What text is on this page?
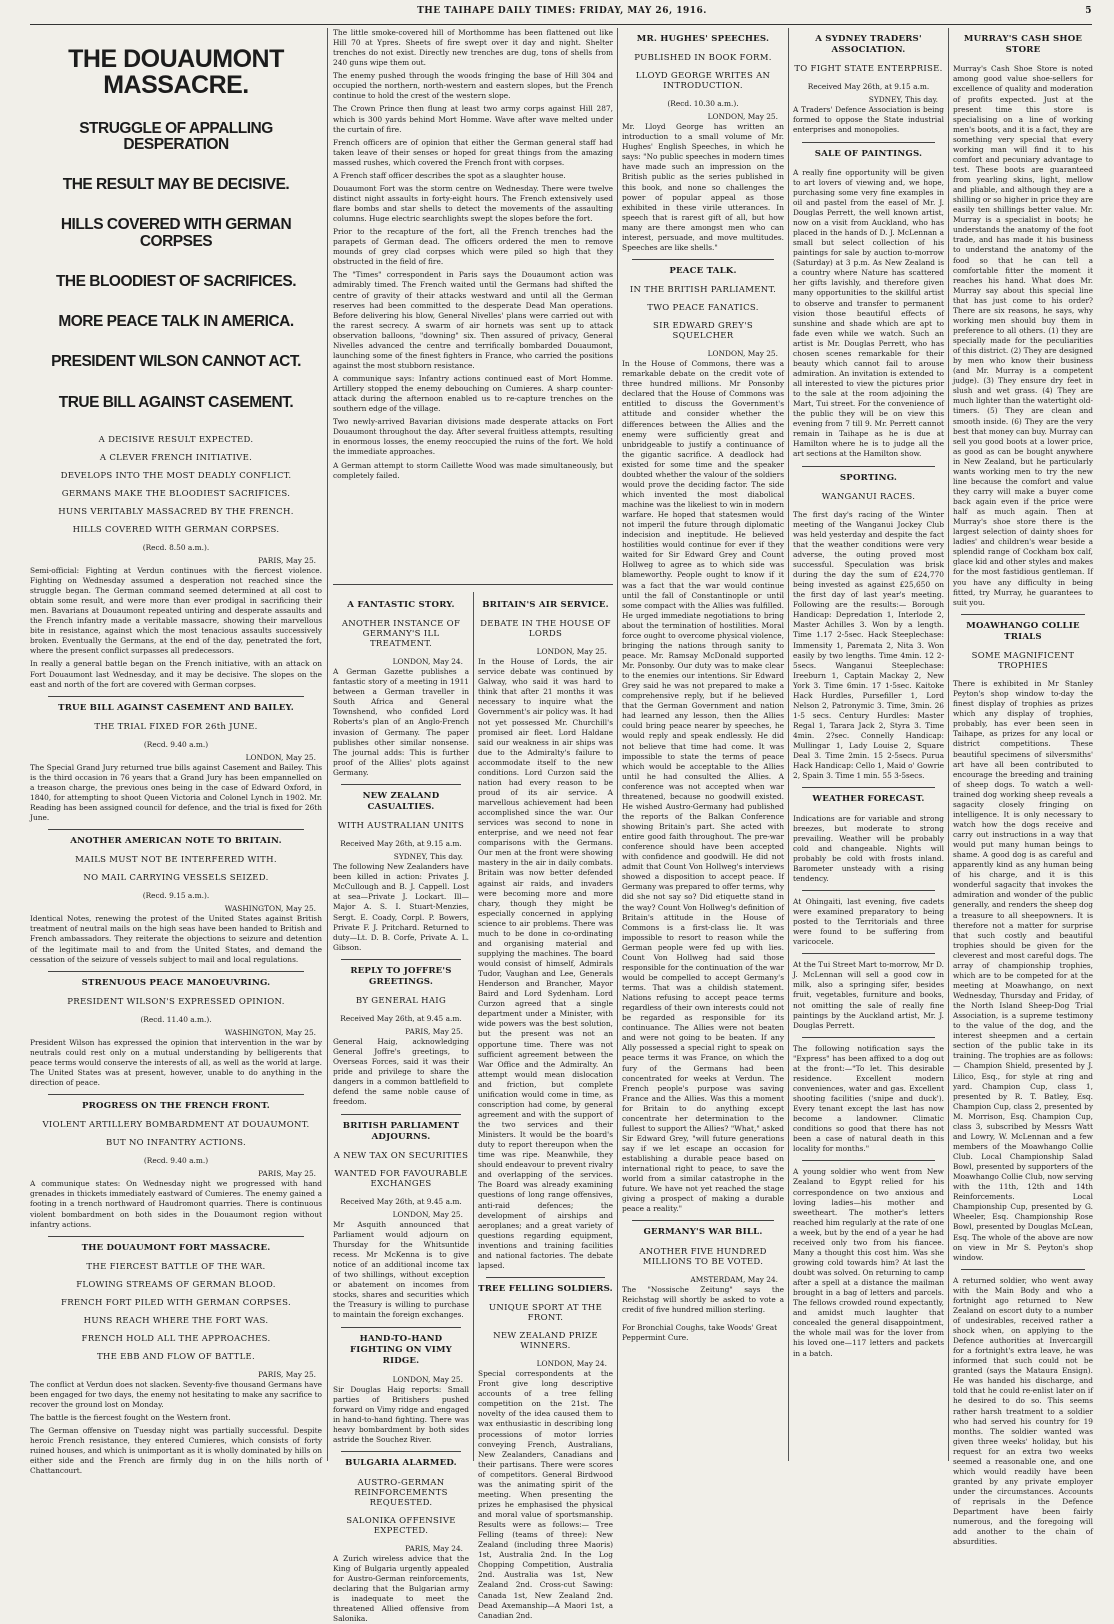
THE TAIHAPE DAILY TIMES: FRIDAY, MAY 26, 1916.	5
THE DOUAUMONT MASSACRE.
STRUGGLE OF APPALLING DESPERATION
THE RESULT MAY BE DECISIVE.
HILLS COVERED WITH GERMAN CORPSES
THE BLOODIEST OF SACRIFICES.
MORE PEACE TALK IN AMERICA.
PRESIDENT WILSON CANNOT ACT.
TRUE BILL AGAINST CASEMENT.
A DECISIVE RESULT EXPECTED.
A CLEVER FRENCH INITIATIVE.
DEVELOPS INTO THE MOST DEADLY CONFLICT.
GERMANS MAKE THE BLOODIEST SACRIFICES.
HUNS VERITABLY MASSACRED BY THE FRENCH.
HILLS COVERED WITH GERMAN CORPSES.
(Recd. 8.50 a.m.).
PARIS, May 25.

Semi-official: Fighting at Verdun continues with the fiercest violence. Fighting on Wednesday assumed a desperation not reached since the struggle began. The German command seemed determined at all cost to obtain some result, and were more than ever prodigal in sacrificing their men. Bavarians at Douaumont repeated untiring and desperate assaults and the French infantry made a veritable massacre, showing their marvellous bite in resistance, against which the most tenacious assaults successively broken. Eventually the Germans, at the end of the day, penetrated the fort, where the present conflict surpasses all predecessors.

In really a general battle began on the French initiative, with an attack on Fort Douaumont last Wednesday, and it may be decisive. The slopes on the east and north of the fort are covered with German corpses.

TRUE BILL AGAINST CASEMENT AND BAILEY.
THE TRIAL FIXED FOR 26th JUNE.
(Recd. 9.40 a.m.)
LONDON, May 25.

The Special Grand Jury returned true bills against Casement and Bailey. This is the third occasion in 76 years that a Grand Jury has been empannelled on a treason charge, the previous ones being in the case of Edward Oxford, in 1840, for attempting to shoot Queen Victoria and Colonel Lynch in 1902. Mr. Reading has been assigned council for defence, and the trial is fixed for 26th June.

ANOTHER AMERICAN NOTE TO BRITAIN.
MAILS MUST NOT BE INTERFERED WITH.
NO MAIL CARRYING VESSELS SEIZED.
(Recd. 9.15 a.m.).
WASHINGTON, May 25.

Identical Notes, renewing the protest of the United States against British treatment of neutral mails on the high seas have been handed to British and French ambassadors. They reiterate the objections to seizure and detention of the legitimate mail to and from the United States, and demand the cessation of the seizure of vessels subject to mail and local regulations.

STRENUOUS PEACE MANOEUVRING.
PRESIDENT WILSON'S EXPRESSED OPINION.
(Recd. 11.40 a.m.).
WASHINGTON, May 25.

President Wilson has expressed the opinion that intervention in the war by neutrals could rest only on a mutual understanding by belligerents that peace terms would conserve the interests of all, as well as the world at large. The United States was at present, however, unable to do anything in the direction of peace.

PROGRESS ON THE FRENCH FRONT.
VIOLENT ARTILLERY BOMBARDMENT AT DOUAUMONT.
BUT NO INFANTRY ACTIONS.
(Recd. 9.40 a.m.)
PARIS, May 25.

A communique states: On Wednesday night we progressed with hand grenades in thickets immediately eastward of Cumieres. The enemy gained a footing in a trench northward of Haudromont quarries. There is continuous violent bombardment on both sides in the Douaumont region without infantry actions.

THE DOUAUMONT FORT MASSACRE.
THE FIERCEST BATTLE OF THE WAR.
FLOWING STREAMS OF GERMAN BLOOD.
FRENCH FORT PILED WITH GERMAN CORPSES.
HUNS REACH WHERE THE FORT WAS.
FRENCH HOLD ALL THE APPROACHES.
THE EBB AND FLOW OF BATTLE.
PARIS, May 25.

The conflict at Verdun does not slacken. Seventy-five thousand Germans have been engaged for two days, the enemy not hesitating to make any sacrifice to recover the ground lost on Monday.

The battle is the fiercest fought on the Western front.

The German offensive on Tuesday night was partially successful. Despite heroic French resistance, they entered Cumieres, which consists of forty ruined houses, and which is unimportant as it is wholly dominated by hills on either side and the French are firmly dug in on the hills north of Chattancourt.

The little smoke-covered hill of Morthomme has been flattened out like Hill 70 at Ypres. Sheets of fire swept over it day and night. Shelter trenches do not exist. Directly new trenches are dug, tons of shells from 240 guns wipe them out.

The enemy pushed through the woods fringing the base of Hill 304 and occupied the northern, north-western and eastern slopes, but the French continue to hold the crest of the western slope.

The Crown Prince then flung at least two army corps against Hill 287, which is 300 yards behind Mort Homme. Wave after wave melted under the curtain of fire.

French officers are of opinion that either the German general staff had taken leave of their senses or hoped for great things from the amazing massed rushes, which covered the French front with corpses.

A French staff officer describes the spot as a slaughter house.

Douaumont Fort was the storm centre on Wednesday. There were twelve distinct night assaults in forty-eight hours. The French extensively used flare bombs and star shells to detect the movements of the assaulting columns. Huge electric searchlights swept the slopes before the fort.

Prior to the recapture of the fort, all the French trenches had the parapets of German dead. The officers ordered the men to remove mounds of grey clad corpses which were piled so high that they obstructed in the field of fire.

The "Times" correspondent in Paris says the Douaumont action was admirably timed. The French waited until the Germans had shifted the centre of gravity of their attacks westward and until all the German reserves had been committed to the desperate Dead Man operations. Before delivering his blow, General Nivelles' plans were carried out with the rarest secrecy. A swarm of air hornets was sent up to attack observation balloons, "downing" six. Then assured of privacy, General Nivelles advanced the centre and terrifically bombarded Douaumont, launching some of the finest fighters in France, who carried the positions against the most stubborn resistance.

A communique says: Infantry actions continued east of Mort Homme. Artillery stopped the enemy debouching on Cumieres. A sharp counter-attack during the afternoon enabled us to re-capture trenches on the southern edge of the village.

Two newly-arrived Bavarian divisions made desperate attacks on Fort Douaumont throughout the day. After several fruitless attempts, resulting in enormous losses, the enemy reoccupied the ruins of the fort. We hold the immediate approaches.

A German attempt to storm Caillette Wood was made simultaneously, but completely failed.

A FANTASTIC STORY.
ANOTHER INSTANCE OF GERMANY'S ILL TREATMENT.
LONDON, May 24.

A German Gazette publishes a fantastic story of a meeting in 1911 between a German traveller in South Africa and General Townshend, who confided Lord Roberts's plan of an Anglo-French invasion of Germany. The paper publishes other similar nonsense. The journal adds: This is further proof of the Allies' plots against Germany.

NEW ZEALAND CASUALTIES.
WITH AUSTRALIAN UNITS
Received May 26th, at 9.15 a.m.
SYDNEY, This day.

The following New Zealanders have been killed in action: Privates J. McCullough and B. J. Cappell. Lost at sea—Private J. Lockart. Ill—Major A. S. I. Stuart-Menzies, Sergt. E. Coady, Corpl. P. Bowers, Private F. J. Pritchard. Returned to duty—Lt. D. B. Corfe, Private A. L. Gibson.

REPLY TO JOFFRE'S GREETINGS.
BY GENERAL HAIG
Received May 26th, at 9.45 a.m.
PARIS, May 25.

General Haig, acknowledging General Joffre's greetings, to Overseas Forces, said it was their pride and privilege to share the dangers in a common battlefield to defend the same noble cause of freedom.

BRITISH PARLIAMENT ADJOURNS.
A NEW TAX ON SECURITIES
WANTED FOR FAVOURABLE EXCHANGES
Received May 26th, at 9.45 a.m.
LONDON, May 25.

Mr Asquith announced that Parliament would adjourn on Thursday for the Whitsuntide recess. Mr McKenna is to give notice of an additional income tax of two shillings, without exception or abatement on incomes from stocks, shares and securities which the Treasury is willing to purchase to maintain the foreign exchanges.

HAND-TO-HAND FIGHTING ON VIMY RIDGE.
LONDON, May 25.

Sir Douglas Haig reports: Small parties of Britishers pushed forward on Vimy ridge and engaged in hand-to-hand fighting. There was heavy bombardment by both sides astride the Souchez River.

BULGARIA ALARMED.
AUSTRO-GERMAN REINFORCEMENTS REQUESTED.
SALONIKA OFFENSIVE EXPECTED.
PARIS, May 24.

A Zurich wireless advice that the King of Bulgaria urgently appealed for Austro-German reinforcements, declaring that the Bulgarian army is inadequate to meet the threatened Allied offensive from Salonika.

BRITAIN'S AIR SERVICE.
DEBATE IN THE HOUSE OF LORDS
LONDON, May 25.

In the House of Lords, the air service debate was continued by Galway, who said it was hard to think that after 21 months it was necessary to inquire what the Government's air policy was. It had not yet possessed Mr. Churchill's promised air fleet. Lord Haldane said our weakness in air ships was due to the Admiralty's failure to accommodate itself to the new conditions. Lord Curzon said the nation had every reason to be proud of its air service. A marvellous achievement had been accomplished since the war. Our services was second to none in enterprise, and we need not fear comparisons with the Germans. Our men at the front were showing mastery in the air in daily combats. Britain was now better defended against air raids, and invaders were becoming more and more chary, though they might be especially concerned in applying science to air problems. There was much to be done in co-ordinating and organising material and supplying the machines. The board would consist of himself, Admirals Tudor, Vaughan and Lee, Generals Henderson and Brancher, Mayor Baird and Lord Sydenham. Lord Curzon agreed that a single department under a Minister, with wide powers was the best solution, but the present was not an opportune time. There was not sufficient agreement between the War Office and the Admiralty. An attempt would mean dislocation and friction, but complete unification would come in time, as conscription had come, by general agreement and with the support of the two services and their Ministers. It would be the board's duty to report thereupon when the time was ripe. Meanwhile, they should endeavour to prevent rivalry and overlapping of the services. The Board was already examining questions of long range offensives, anti-raid defences; the development of airships and aeroplanes; and a great variety of questions regarding equipment, inventions and training facilities and national factories. The debate lapsed.

TREE FELLING SOLDIERS.
UNIQUE SPORT AT THE FRONT.
NEW ZEALAND PRIZE WINNERS.
LONDON, May 24.

Special correspondents at the Front give long descriptive accounts of a tree felling competition on the 21st. The novelty of the idea caused them to wax enthusiastic in describing long processions of motor lorries conveying French, Australians, New Zealanders, Canadians and their partisans. There were scores of competitors. General Birdwood was the animating spirit of the meeting. When presenting the prizes he emphasised the physical and moral value of sportsmanship. Results were as follows:— Tree Felling (teams of three): New Zealand (including three Maoris) 1st, Australia 2nd. In the Log Chopping Competition, Australia 2nd. Australia was 1st, New Zealand 2nd. Cross-cut Sawing: Canada 1st, New Zealand 2nd. Dead Axemanship—A Maori 1st, a Canadian 2nd.

MR. HUGHES' SPEECHES.
PUBLISHED IN BOOK FORM.
LLOYD GEORGE WRITES AN INTRODUCTION.
(Recd. 10.30 a.m.).
LONDON, May 25.

Mr. Lloyd George has written an introduction to a small volume of Mr. Hughes' English Speeches, in which he says: "No public speeches in modern times have made such an impression on the British public as the series published in this book, and none so challenges the power of popular appeal as those exhibited in these virile utterances. In speech that is rarest gift of all, but how many are there amongst men who can interest, persuade, and move multitudes. Speeches are like shells."

PEACE TALK.
IN THE BRITISH PARLIAMENT.
TWO PEACE FANATICS.
SIR EDWARD GREY'S SQUELCHER
LONDON, May 25.

In the House of Commons, there was a remarkable debate on the credit vote of three hundred millions. Mr Ponsonby declared that the House of Commons was entitled to discuss the Government's attitude and consider whether the differences between the Allies and the enemy were sufficiently great and unbridgeable to justify a continuance of the gigantic sacrifice. A deadlock had existed for some time and the speaker doubted whether the valour of the soldiers would prove the deciding factor. The side which invented the most diabolical machine was the likeliest to win in modern warfare. He hoped that statesmen would not imperil the future through diplomatic indecision and ineptitude. He believed hostilities would continue for ever if they waited for Sir Edward Grey and Count Hollweg to agree as to which side was blameworthy. People ought to know if it was a fact that the war would continue until the fall of Constantinople or until some compact with the Allies was fulfilled. He urged immediate negotiations to bring about the termination of hostilities. Moral force ought to overcome physical violence, bringing the nations through sanity to peace. Mr. Ramsay McDonald supported Mr. Ponsonby. Our duty was to make clear to the enemies our intentions. Sir Edward Grey said he was not prepared to make a comprehensive reply, but if he believed that the German Government and nation had learned any lesson, then the Allies could bring peace nearer by speeches, he would reply and speak endlessly. He did not believe that time had come. It was impossible to state the terms of peace which would be acceptable to the Allies until he had consulted the Allies. A conference was not accepted when war threatened, because no goodwill existed. He wished Austro-Germany had published the reports of the Balkan Conference showing Britain's part. She acted with entire good faith throughout. The pre-war conference should have been accepted with confidence and goodwill. He did not admit that Count Von Hollweg's interviews showed a disposition to accept peace. If Germany was prepared to offer terms, why did she not say so? Did etiquette stand in the way? Count Von Hollweg's definition of Britain's attitude in the House of Commons is a first-class lie. It was impossible to resort to reason while the German people were fed up with lies. Count Von Hollweg had said those responsible for the continuation of the war would be compelled to accept Germany's terms. That was a childish statement. Nations refusing to accept peace terms regardless of their own interests could not be regarded as responsible for its continuance. The Allies were not beaten and were not going to be beaten. If any Ally possessed a special right to speak on peace terms it was France, on which the fury of the Germans had been concentrated for weeks at Verdun. The French people's purpose was saving France and the Allies. Was this a moment for Britain to do anything except concentrate her determination to the fullest to support the Allies? "What," asked Sir Edward Grey, "will future generations say if we let escape an occasion for establishing a durable peace based on international right to peace, to save the world from a similar catastrophe in the future. We have not yet reached the stage giving a prospect of making a durable peace a reality."

GERMANY'S WAR BILL.
ANOTHER FIVE HUNDRED MILLIONS TO BE VOTED.
AMSTERDAM, May 24.

The "Nossische Zeitung" says the Reichstag will shortly be asked to vote a credit of five hundred million sterling.

For Bronchial Coughs, take Woods' Great Peppermint Cure.
A SYDNEY TRADERS' ASSOCIATION.
TO FIGHT STATE ENTERPRISE.
Received May 26th, at 9.15 a.m.
SYDNEY, This day.

A Traders' Defence Association is being formed to oppose the State industrial enterprises and monopolies.

SALE OF PAINTINGS.

A really fine opportunity will be given to art lovers of viewing and, we hope, purchasing some very fine examples in oil and pastel from the easel of Mr. J. Douglas Perrett, the well known artist, now on a visit from Auckland, who has placed in the hands of D. J. McLennan a small but select collection of his paintings for sale by auction to-morrow (Saturday) at 3 p.m. As New Zealand is a country where Nature has scattered her gifts lavishly, and therefore given many opportunities to the skillful artist to observe and transfer to permanent vision those beautiful effects of sunshine and shade which are apt to fade even while we watch. Such an artist is Mr. Douglas Perrett, who has chosen scenes remarkable for their beauty which cannot fail to arouse admiration. An invitation is extended to all interested to view the pictures prior to the sale at the room adjoining the Mart, Tui street. For the convenience of the public they will be on view this evening from 7 till 9. Mr. Perrett cannot remain in Taihape as he is due at Hamilton where he is to judge all the art sections at the Hamilton show.

SPORTING.
WANGANUI RACES.

The first day's racing of the Winter meeting of the Wanganui Jockey Club was held yesterday and despite the fact that the weather conditions were very adverse, the outing proved most successful. Speculation was brisk during the day the sum of £24,770 being invested as against £25,650 on the first day of last year's meeting. Following are the results:— Borough Handicap: Depredation 1, Interlode 2, Master Achilles 3. Won by a length. Time 1.17 2-5sec. Hack Steeplechase: Immensity 1, Paremata 2, Nita 3. Won easily by two lengths. Time 4min. 12 2-5secs. Wanganui Steeplechase: Ireeburn 1, Captain Mackay 2, New York 3. Time 6min. 17 1-5sec. Kaitoke Hack Hurdles, Pursefiller 1, Lord Nelson 2, Patronymic 3. Time, 3min. 26 1-5 secs. Century Hurdles: Master Regal 1, Tarara Jack 2, Styra 3. Time 4min. 2?sec. Connelly Handicap: Mullingar 1, Lady Louise 2, Square Deal 3. Time 2min. 15 2-5secs. Purua Hack Handicap: Cello 1, Maid o' Gowrie 2, Spain 3. Time 1 min. 55 3-5secs.

WEATHER FORECAST.

Indications are for variable and strong breezes, but moderate to strong prevailing. Weather will be probably cold and changeable. Nights will probably be cold with frosts inland. Barometer unsteady with a rising tendency.

At Ohingaiti, last evening, five cadets were examined preparatory to being posted to the Territorials and three were found to be suffering from varicocele.

At the Tui Street Mart to-morrow, Mr D. J. McLennan will sell a good cow in milk, also a springing sifer, besides fruit, vegetables, furniture and books, not omitting the sale of really fine paintings by the Auckland artist, Mr. J. Douglas Perrett.

The following notification says the "Express" has been affixed to a dog out at the front:—"To let. This desirable residence. Excellent modern conveniences, water and gas. Excellent shooting facilities ('snipe and duck'). Every tenant except the last has now become a landowner. Climatic conditions so good that there has not been a case of natural death in this locality for months."

A young soldier who went from New Zealand to Egypt relied for his correspondence on two anxious and loving ladies—his mother and sweetheart. The mother's letters reached him regularly at the rate of one a week, but by the end of a year he had received only two from his fiancee. Many a thought this cost him. Was she growing cold towards him? At last the doubt was solved. On returning to camp after a spell at a distance the mailman brought in a bag of letters and parcels. The fellows crowded round expectantly, and amidst much laughter that concealed the general disappointment, the whole mail was for the lover from his loved one—117 letters and packets in a batch.

MURRAY'S CASH SHOE STORE

Murray's Cash Shoe Store is noted among good value shoe-sellers for excellence of quality and moderation of profits expected. Just at the present time this store is specialising on a line of working men's boots, and it is a fact, they are something very special that every working man will find it to his comfort and pecuniary advantage to test. These boots are guaranteed from yearling skins, light, mellow and pliable, and although they are a shilling or so higher in price they are easily ten shillings better value. Mr. Murray is a specialist in boots; he understands the anatomy of the foot trade, and has made it his business to understand the anatomy of the food so that he can tell a comfortable fitter the moment it reaches his hand. What does Mr. Murray say about this special line that has just come to his order? There are six reasons, he says, why working men should buy them in preference to all others. (1) they are specially made for the peculiarities of this district. (2) They are designed by men who know their business (and Mr. Murray is a competent judge). (3) They ensure dry feet in slush and wet grass. (4) They are much lighter than the watertight old-timers. (5) They are clean and smooth inside. (6) They are the very best that money can buy. Murray can sell you good boots at a lower price, as good as can be bought anywhere in New Zealand, but he particularly wants working men to try the new line because the comfort and value they carry will make a buyer come back again even if the price were half as much again. Then at Murray's shoe store there is the largest selection of dainty shoes for ladies' and children's wear beside a splendid range of Cockham box calf, glace kid and other styles and makes for the most fastidious gentleman. If you have any difficulty in being fitted, try Murray, he guarantees to suit you.

MOAWHANGO COLLIE TRIALS
SOME MAGNIFICENT TROPHIES

There is exhibited in Mr Stanley Peyton's shop window to-day the finest display of trophies as prizes which any display of trophies, probably, has ever been seen in Taihape, as prizes for any local or district competitions. These beautiful specimens of silversmiths' art have all been contributed to encourage the breeding and training of sheep dogs. To watch a well-trained dog working sheep reveals a sagacity closely fringing on intelligence. It is only necessary to watch how the dogs receive and carry out instructions in a way that would put many human beings to shame. A good dog is as careful and apparently kind as any human being of his charge, and it is this wonderful sagacity that invokes the admiration and wonder of the public generally, and renders the sheep dog a treasure to all sheepowners. It is therefore not a matter for surprise that such costly and beautiful trophies should be given for the cleverest and most careful dogs. The array of championship trophies, which are to be competed for at the meeting at Moawhango, on next Wednesday, Thursday and Friday, of the North Island Sheep-Dog Trial Association, is a supreme testimony to the value of the dog, and the interest sheepmen and a certain section of the public take in its training. The trophies are as follows:— Champion Shield, presented by J. Lilico, Esq., for style at ring and yard. Champion Cup, class 1, presented by R. T. Batley, Esq. Champion Cup, class 2, presented by M. Morrison, Esq. Champion Cup, class 3, subscribed by Messrs Watt and Lowry, W. McLennan and a few members of the Moawhango Collie Club. Local Championship Salad Bowl, presented by supporters of the Moawhango Collie Club, now serving with the 11th, 12th and 14th Reinforcements. Local Championship Cup, presented by G. Wheeler, Esq. Championship Rose Bowl, presented by Douglas McLean, Esq. The whole of the above are now on view in Mr S. Peyton's shop window.

A returned soldier, who went away with the Main Body and who a fortnight ago returned to New Zealand on escort duty to a number of undesirables, received rather a shock when, on applying to the Defence authorities at Invercargill for a fortnight's extra leave, he was informed that such could not be granted (says the Mataura Ensign). He was handed his discharge, and told that he could re-enlist later on if he desired to do so. This seems rather harsh treatment to a soldier who had served his country for 19 months. The soldier wanted was given three weeks' holiday, but his request for an extra two weeks seemed a reasonable one, and one which would readily have been granted by any private employer under the circumstances. Accounts of reprisals in the Defence Department have been fairly numerous, and the foregoing will add another to the chain of absurdities.
